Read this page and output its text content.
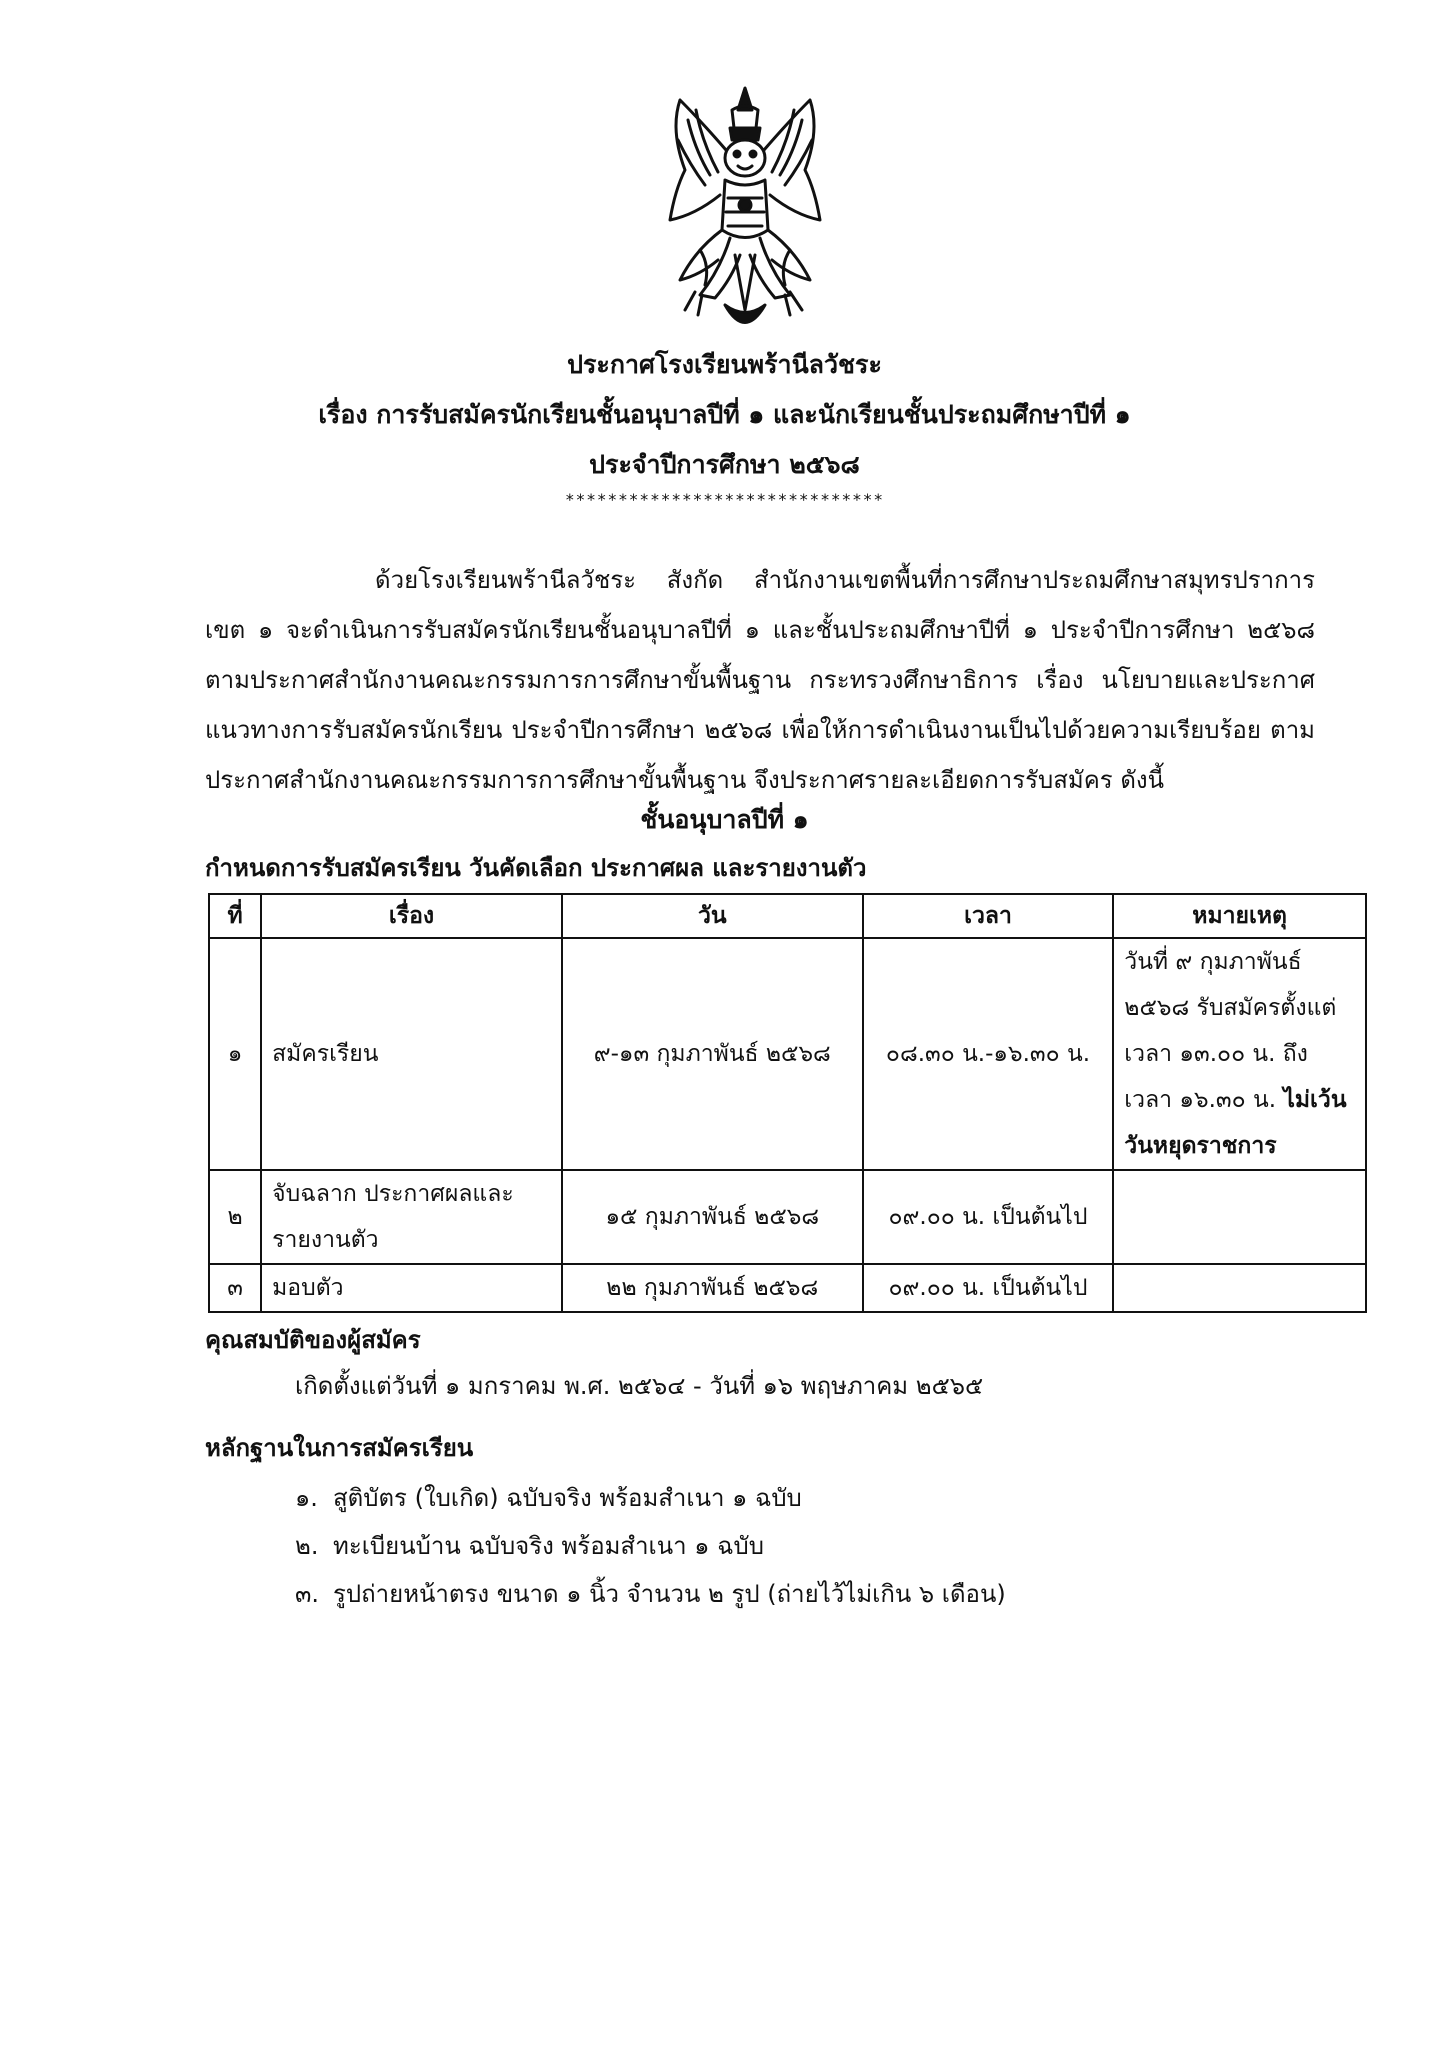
ประกาศโรงเรียนพร้านีลวัชระ
เรื่อง การรับสมัครนักเรียนชั้นอนุบาลปีที่ ๑ และนักเรียนชั้นประถมศึกษาปีที่ ๑
ประจำปีการศึกษา ๒๕๖๘
******************************
ด้วยโรงเรียนพร้านีลวัชระ สังกัด สำนักงานเขตพื้นที่การศึกษาประถมศึกษาสมุทรปราการ เขต ๑ จะดำเนินการรับสมัครนักเรียนชั้นอนุบาลปีที่ ๑ และชั้นประถมศึกษาปีที่ ๑ ประจำปีการศึกษา ๒๕๖๘ ตามประกาศสำนักงานคณะกรรมการการศึกษาขั้นพื้นฐาน กระทรวงศึกษาธิการ เรื่อง นโยบายและประกาศแนวทางการรับสมัครนักเรียน ประจำปีการศึกษา ๒๕๖๘ เพื่อให้การดำเนินงานเป็นไปด้วยความเรียบร้อย ตามประกาศสำนักงานคณะกรรมการการศึกษาขั้นพื้นฐาน จึงประกาศรายละเอียดการรับสมัคร ดังนี้
ชั้นอนุบาลปีที่ ๑
กำหนดการรับสมัครเรียน วันคัดเลือก ประกาศผล และรายงานตัว
ที่	เรื่อง	วัน	เวลา	หมายเหตุ
๑	สมัครเรียน	๙-๑๓ กุมภาพันธ์ ๒๕๖๘	๐๘.๓๐ น.-๑๖.๓๐ น.	วันที่ ๙ กุมภาพันธ์ ๒๕๖๘ รับสมัครตั้งแต่ เวลา ๑๓.๐๐ น. ถึง เวลา ๑๖.๓๐ น. ไม่เว้นวันหยุดราชการ
๒	จับฉลาก ประกาศผลและ รายงานตัว	๑๕ กุมภาพันธ์ ๒๕๖๘	๐๙.๐๐ น. เป็นต้นไป	
๓	มอบตัว	๒๒ กุมภาพันธ์ ๒๕๖๘	๐๙.๐๐ น. เป็นต้นไป	
คุณสมบัติของผู้สมัคร
เกิดตั้งแต่วันที่ ๑ มกราคม พ.ศ. ๒๕๖๔ - วันที่ ๑๖ พฤษภาคม ๒๕๖๕
หลักฐานในการสมัครเรียน
๑. สูติบัตร (ใบเกิด) ฉบับจริง พร้อมสำเนา ๑ ฉบับ
๒. ทะเบียนบ้าน ฉบับจริง พร้อมสำเนา ๑ ฉบับ
๓. รูปถ่ายหน้าตรง ขนาด ๑ นิ้ว จำนวน ๒ รูป (ถ่ายไว้ไม่เกิน ๖ เดือน)
